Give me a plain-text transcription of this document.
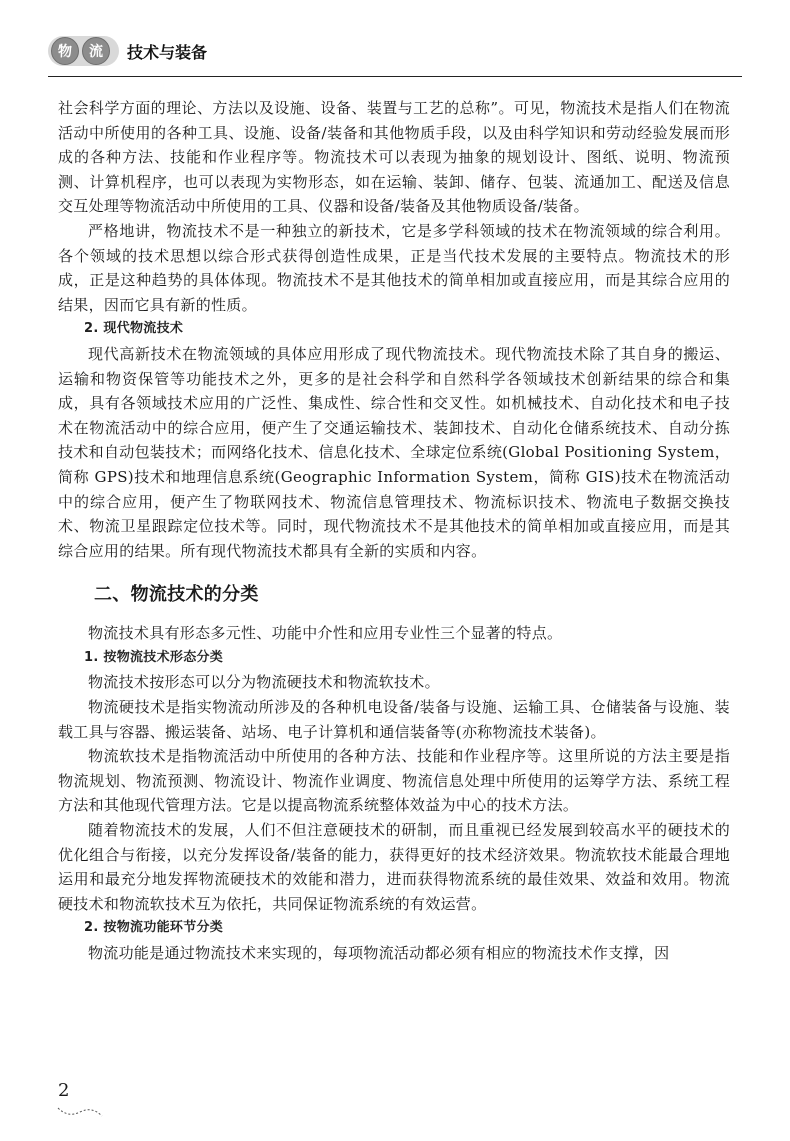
物	流	技术与装备

社会科学方面的理论、方法以及设施、设备、装置与工艺的总称”。可见，物流技术是指人们在物流活动中所使用的各种工具、设施、设备/装备和其他物质手段，以及由科学知识和劳动经验发展而形成的各种方法、技能和作业程序等。物流技术可以表现为抽象的规划设计、图纸、说明、物流预测、计算机程序，也可以表现为实物形态，如在运输、装卸、储存、包装、流通加工、配送及信息交互处理等物流活动中所使用的工具、仪器和设备/装备及其他物质设备/装备。

严格地讲，物流技术不是一种独立的新技术，它是多学科领域的技术在物流领域的综合利用。各个领域的技术思想以综合形式获得创造性成果，正是当代技术发展的主要特点。物流技术的形成，正是这种趋势的具体体现。物流技术不是其他技术的简单相加或直接应用，而是其综合应用的结果，因而它具有新的性质。

2. 现代物流技术

现代高新技术在物流领域的具体应用形成了现代物流技术。现代物流技术除了其自身的搬运、运输和物资保管等功能技术之外，更多的是社会科学和自然科学各领域技术创新结果的综合和集成，具有各领域技术应用的广泛性、集成性、综合性和交叉性。如机械技术、自动化技术和电子技术在物流活动中的综合应用，便产生了交通运输技术、装卸技术、自动化仓储系统技术、自动分拣技术和自动包装技术；而网络化技术、信息化技术、全球定位系统(Global Positioning System，简称 GPS)技术和地理信息系统(Geographic Information System，简称 GIS)技术在物流活动中的综合应用，便产生了物联网技术、物流信息管理技术、物流标识技术、物流电子数据交换技术、物流卫星跟踪定位技术等。同时，现代物流技术不是其他技术的简单相加或直接应用，而是其综合应用的结果。所有现代物流技术都具有全新的实质和内容。

二、物流技术的分类

物流技术具有形态多元性、功能中介性和应用专业性三个显著的特点。

1. 按物流技术形态分类

物流技术按形态可以分为物流硬技术和物流软技术。

物流硬技术是指实物流动所涉及的各种机电设备/装备与设施、运输工具、仓储装备与设施、装载工具与容器、搬运装备、站场、电子计算机和通信装备等(亦称物流技术装备)。

物流软技术是指物流活动中所使用的各种方法、技能和作业程序等。这里所说的方法主要是指物流规划、物流预测、物流设计、物流作业调度、物流信息处理中所使用的运筹学方法、系统工程方法和其他现代管理方法。它是以提高物流系统整体效益为中心的技术方法。

随着物流技术的发展，人们不但注意硬技术的研制，而且重视已经发展到较高水平的硬技术的优化组合与衔接，以充分发挥设备/装备的能力，获得更好的技术经济效果。物流软技术能最合理地运用和最充分地发挥物流硬技术的效能和潜力，进而获得物流系统的最佳效果、效益和效用。物流硬技术和物流软技术互为依托，共同保证物流系统的有效运营。

2. 按物流功能环节分类

物流功能是通过物流技术来实现的，每项物流活动都必须有相应的物流技术作支撑，因

2
